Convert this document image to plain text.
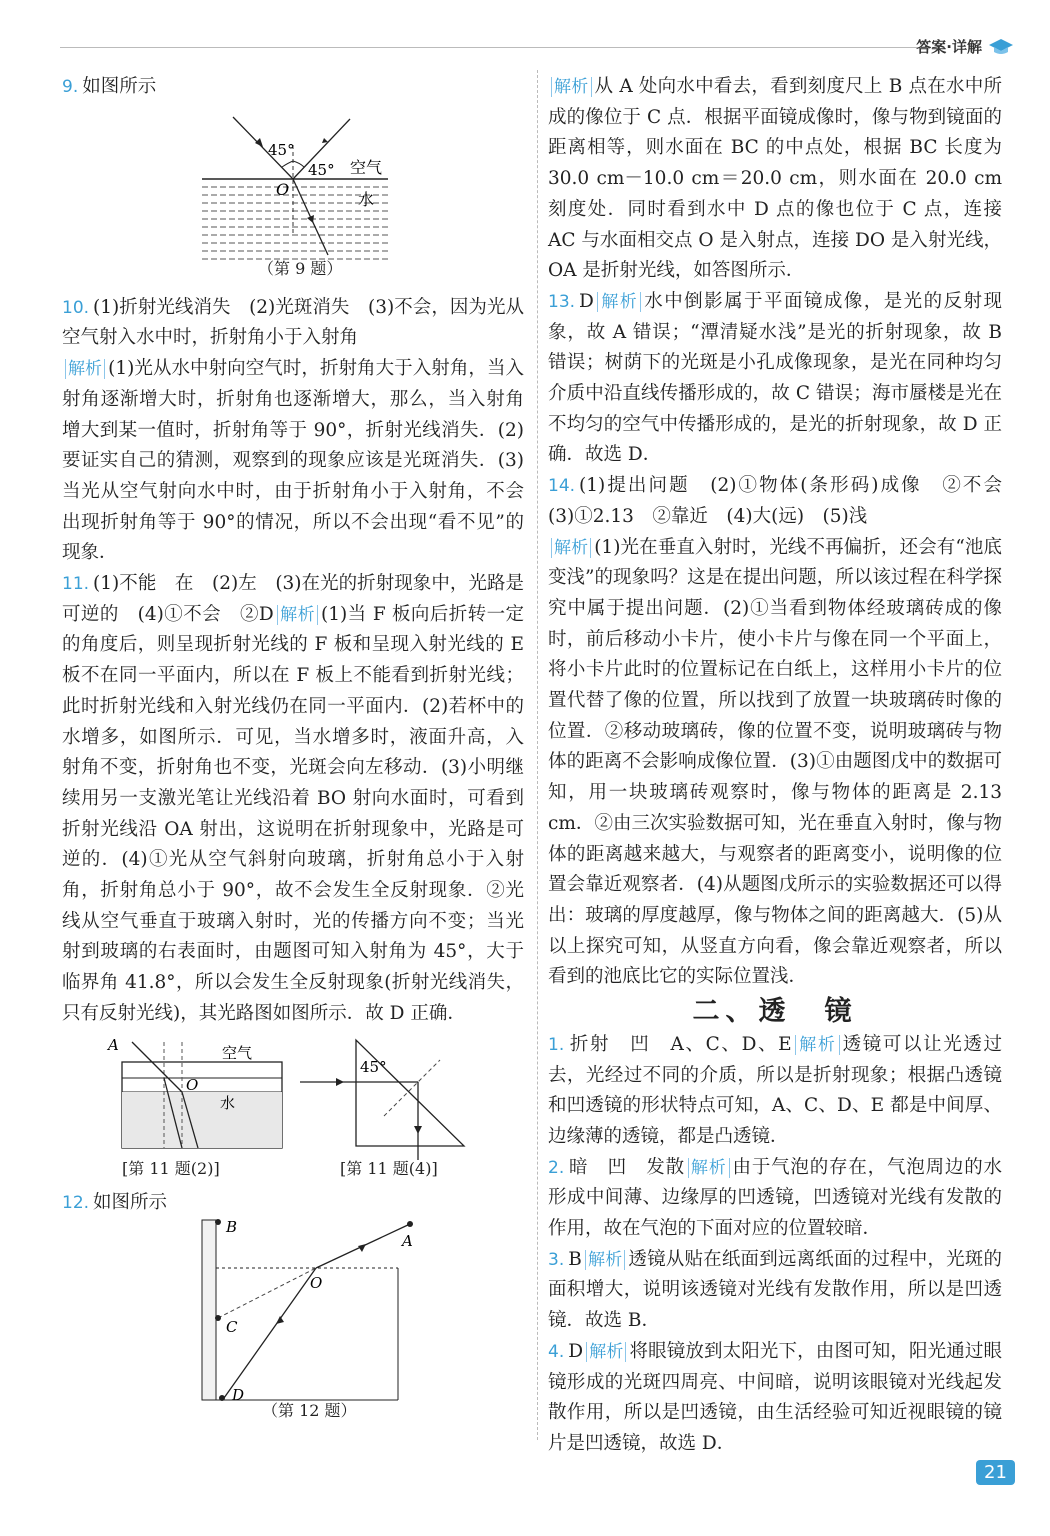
答案·详解

9. 如图所示

45°
45° 空气
水
O
（第 9 题）

10. (1)折射光线消失　(2)光斑消失　(3)不会，因为光从空气射入水中时，折射角小于入射角
解析 (1)光从水中射向空气时，折射角大于入射角，当入射角逐渐增大时，折射角也逐渐增大，那么，当入射角增大到某一值时，折射角等于 90°，折射光线消失．(2)要证实自己的猜测，观察到的现象应该是光斑消失．(3)当光从空气射向水中时，由于折射角小于入射角，不会出现折射角等于 90°的情况，所以不会出现“看不见”的现象．

11. (1)不能　在　(2)左　(3)在光的折射现象中，光路是可逆的　(4)①不会　②D 解析 (1)当 F 板向后折转一定的角度后，则呈现折射光线的 F 板和呈现入射光线的 E 板不在同一平面内，所以在 F 板上不能看到折射光线；此时折射光线和入射光线仍在同一平面内．(2)若杯中的水增多，如图所示．可见，当水增多时，液面升高，入射角不变，折射角也不变，光斑会向左移动．(3)小明继续用另一支激光笔让光线沿着 BO 射向水面时，可看到折射光线沿 OA 射出，这说明在折射现象中，光路是可逆的．(4)①光从空气斜射向玻璃，折射角总小于入射角，折射角总小于 90°，故不会发生全反射现象．②光线从空气垂直于玻璃入射时，光的传播方向不变；当光射到玻璃的右表面时，由题图可知入射角为 45°，大于临界角 41.8°，所以会发生全反射现象(折射光线消失，只有反射光线)，其光路图如图所示．故 D 正确．

A
O
空气
水
[第 11 题(2)]
45°
[第 11 题(4)]

12. 如图所示

A
B
C
D
O
（第 12 题）

解析 从 A 处向水中看去，看到刻度尺上 B 点在水中所成的像位于 C 点．根据平面镜成像时，像与物到镜面的距离相等，则水面在 BC 的中点处，根据 BC 长度为 30.0 cm－10.0 cm＝20.0 cm，则水面在 20.0 cm 刻度处．同时看到水中 D 点的像也位于 C 点，连接 AC 与水面相交点 O 是入射点，连接 DO 是入射光线，OA 是折射光线，如答图所示．

13. D 解析 水中倒影属于平面镜成像，是光的反射现象，故 A 错误；“潭清疑水浅”是光的折射现象，故 B 错误；树荫下的光斑是小孔成像现象，是光在同种均匀介质中沿直线传播形成的，故 C 错误；海市蜃楼是光在不均匀的空气中传播形成的，是光的折射现象，故 D 正确．故选 D．

14. (1)提出问题　(2)①物体(条形码)成像　②不会　(3)①2.13　②靠近　(4)大(远)　(5)浅
解析 (1)光在垂直入射时，光线不再偏折，还会有“池底变浅”的现象吗？这是在提出问题，所以该过程在科学探究中属于提出问题．(2)①当看到物体经玻璃砖成的像时，前后移动小卡片，使小卡片与像在同一个平面上，将小卡片此时的位置标记在白纸上，这样用小卡片的位置代替了像的位置，所以找到了放置一块玻璃砖时像的位置．②移动玻璃砖，像的位置不变，说明玻璃砖与物体的距离不会影响成像位置．(3)①由题图戊中的数据可知，用一块玻璃砖观察时，像与物体的距离是 2.13 cm．②由三次实验数据可知，光在垂直入射时，像与物体的距离越来越大，与观察者的距离变小，说明像的位置会靠近观察者．(4)从题图戊所示的实验数据还可以得出：玻璃的厚度越厚，像与物体之间的距离越大．(5)从以上探究可知，从竖直方向看，像会靠近观察者，所以看到的池底比它的实际位置浅．

二、透　镜

1. 折射　凹　A、C、D、E 解析 透镜可以让光透过去，光经过不同的介质，所以是折射现象；根据凸透镜和凹透镜的形状特点可知，A、C、D、E 都是中间厚、边缘薄的透镜，都是凸透镜．

2. 暗　凹　发散 解析 由于气泡的存在，气泡周边的水形成中间薄、边缘厚的凹透镜，凹透镜对光线有发散的作用，故在气泡的下面对应的位置较暗．

3. B 解析 透镜从贴在纸面到远离纸面的过程中，光斑的面积增大，说明该透镜对光线有发散作用，所以是凹透镜．故选 B．

4. D 解析 将眼镜放到太阳光下，由图可知，阳光通过眼镜形成的光斑四周亮、中间暗，说明该眼镜对光线起发散作用，所以是凹透镜，由生活经验可知近视眼镜的镜片是凹透镜，故选 D．

21
